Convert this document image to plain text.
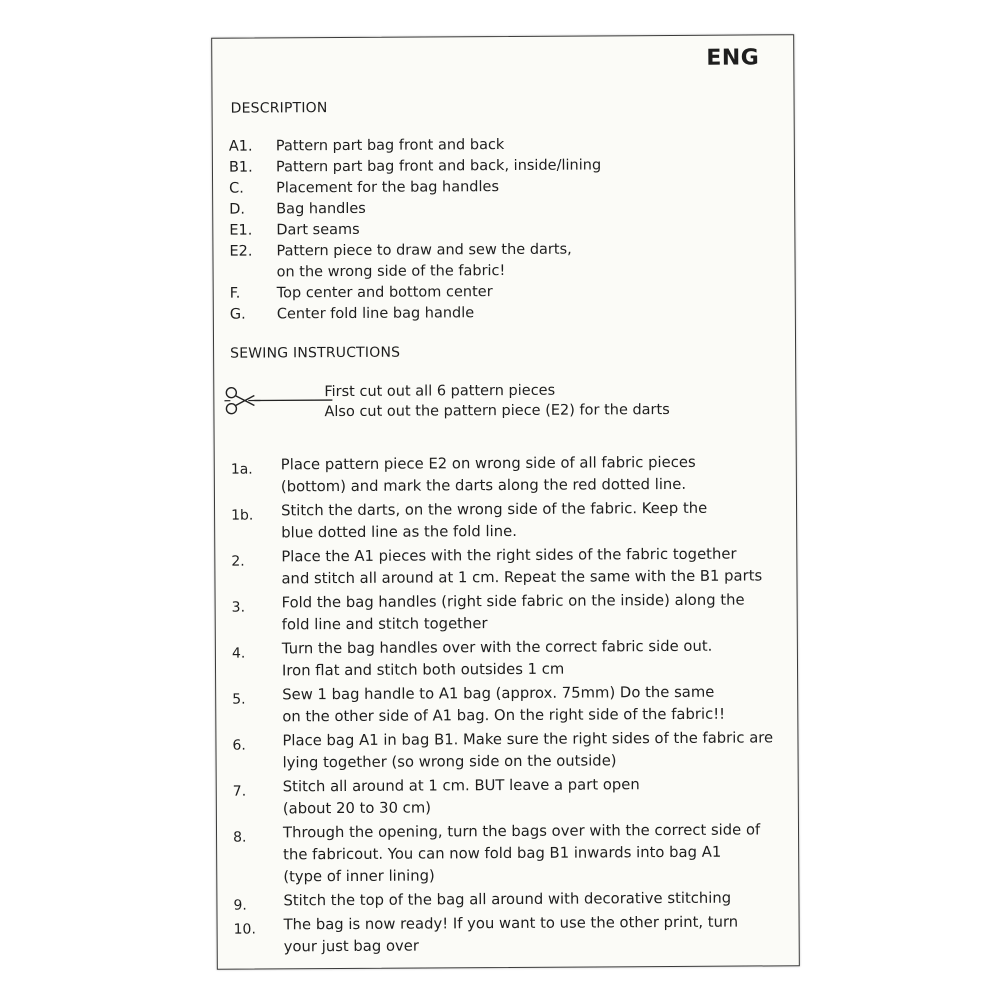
ENG
DESCRIPTION
A1.	Pattern part bag front and back
B1.	Pattern part bag front and back, inside/lining
C.	Placement for the bag handles
D.	Bag handles
E1.	Dart seams
E2.	Pattern piece to draw and sew the darts,
on the wrong side of the fabric!
F.	Top center and bottom center
G.	Center fold line bag handle
SEWING INSTRUCTIONS
First cut out all 6 pattern pieces
Also cut out the pattern piece (E2) for the darts
1a.	Place pattern piece E2 on wrong side of all fabric pieces
(bottom) and mark the darts along the red dotted line.
1b.	Stitch the darts, on the wrong side of the fabric. Keep the
blue dotted line as the fold line.
2.	Place the A1 pieces with the right sides of the fabric together
and stitch all around at 1 cm. Repeat the same with the B1 parts
3.	Fold the bag handles (right side fabric on the inside) along the
fold line and stitch together
4.	Turn the bag handles over with the correct fabric side out.
Iron flat and stitch both outsides 1 cm
5.	Sew 1 bag handle to A1 bag (approx. 75mm) Do the same
on the other side of A1 bag. On the right side of the fabric!!
6.	Place bag A1 in bag B1. Make sure the right sides of the fabric are
lying together (so wrong side on the outside)
7.	Stitch all around at 1 cm. BUT leave a part open
(about 20 to 30 cm)
8.	Through the opening, turn the bags over with the correct side of
the fabricout. You can now fold bag B1 inwards into bag A1
(type of inner lining)
9.	Stitch the top of the bag all around with decorative stitching
10.	The bag is now ready! If you want to use the other print, turn
your just bag over
